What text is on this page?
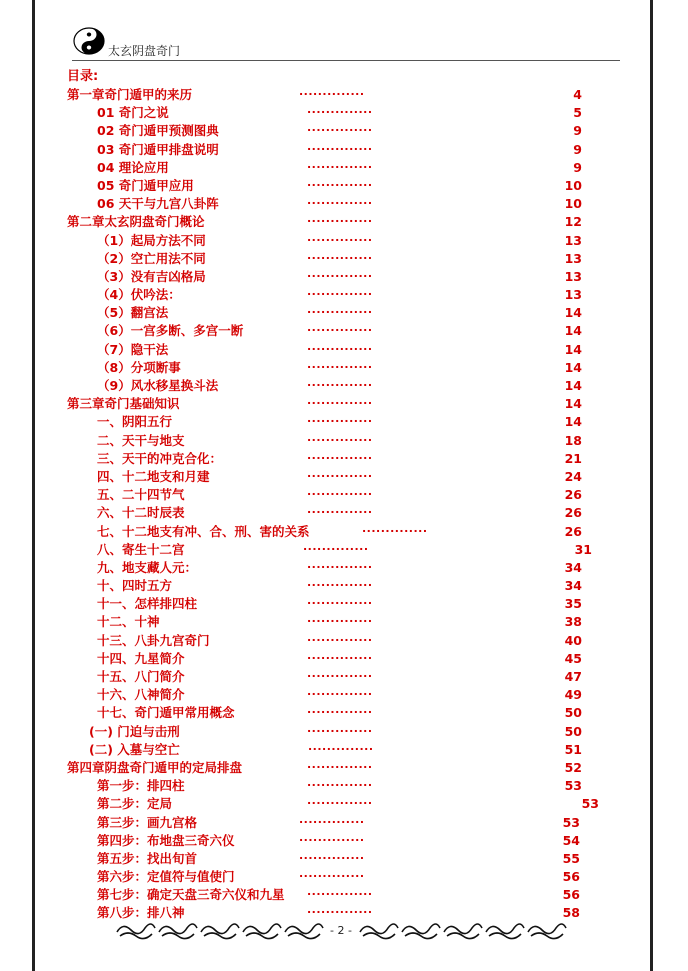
太玄阴盘奇门
目录:
第一章奇门遁甲的来历	..............	4
01 奇门之说	..............	5
02 奇门遁甲预测图典	..............	9
03 奇门遁甲排盘说明	..............	9
04 理论应用	..............	9
05 奇门遁甲应用	..............	10
06 天干与九宫八卦阵	..............	10
第二章太玄阴盘奇门概论	..............	12
（1）起局方法不同	..............	13
（2）空亡用法不同	..............	13
（3）没有吉凶格局	..............	13
（4）伏吟法：	..............	13
（5）翻宫法	..............	14
（6）一宫多断、多宫一断	..............	14
（7）隐干法	..............	14
（8）分项断事	..............	14
（9）风水移星换斗法	..............	14
第三章奇门基础知识	..............	14
一、阴阳五行	..............	14
二、天干与地支	..............	18
三、天干的冲克合化：	..............	21
四、十二地支和月建	..............	24
五、二十四节气	..............	26
六、十二时辰表	..............	26
七、十二地支有冲、合、刑、害的关系	..............	26
八、寄生十二宫	..............	31
九、地支藏人元：	..............	34
十、四时五方	..............	34
十一、怎样排四柱	..............	35
十二、十神	..............	38
十三、八卦九宫奇门	..............	40
十四、九星简介	..............	45
十五、八门简介	..............	47
十六、八神简介	..............	49
十七、奇门遁甲常用概念	..............	50
(一) 门迫与击刑	..............	50
(二) 入墓与空亡	..............	51
第四章阴盘奇门遁甲的定局排盘	..............	52
第一步：排四柱	..............	53
第二步：定局	..............	53
第三步：画九宫格	..............	53
第四步：布地盘三奇六仪	..............	54
第五步：找出旬首	..............	55
第六步：定值符与值使门	..............	56
第七步：确定天盘三奇六仪和九星 ..............	56
第八步：排八神	..............	58
- 2 -
